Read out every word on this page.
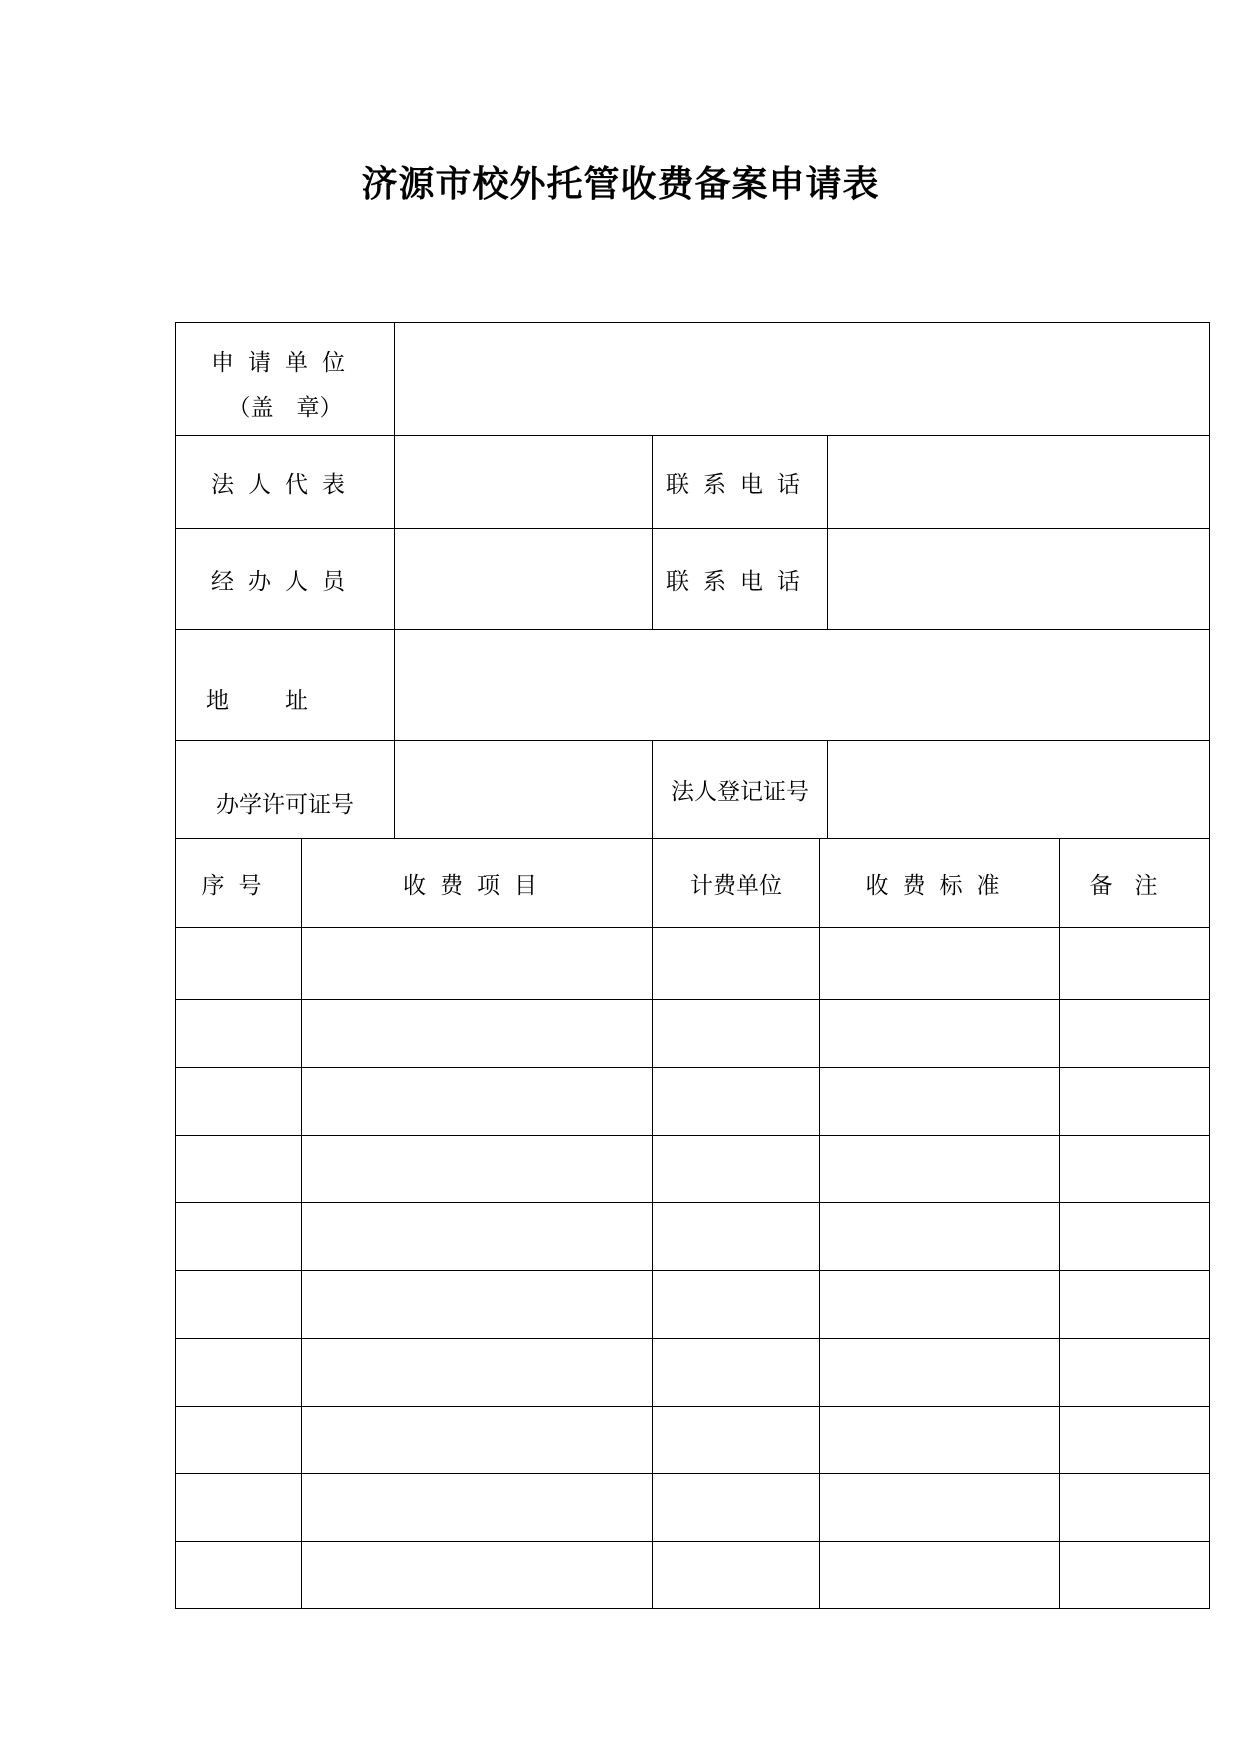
济源市校外托管收费备案申请表
申请单位
（盖　章）						

法人代表			联系电话			
经办人员			联系电话			

地址						

办学许可证号			法人登记证号			
序号	收费项目		计费单位	收费标准		备注
